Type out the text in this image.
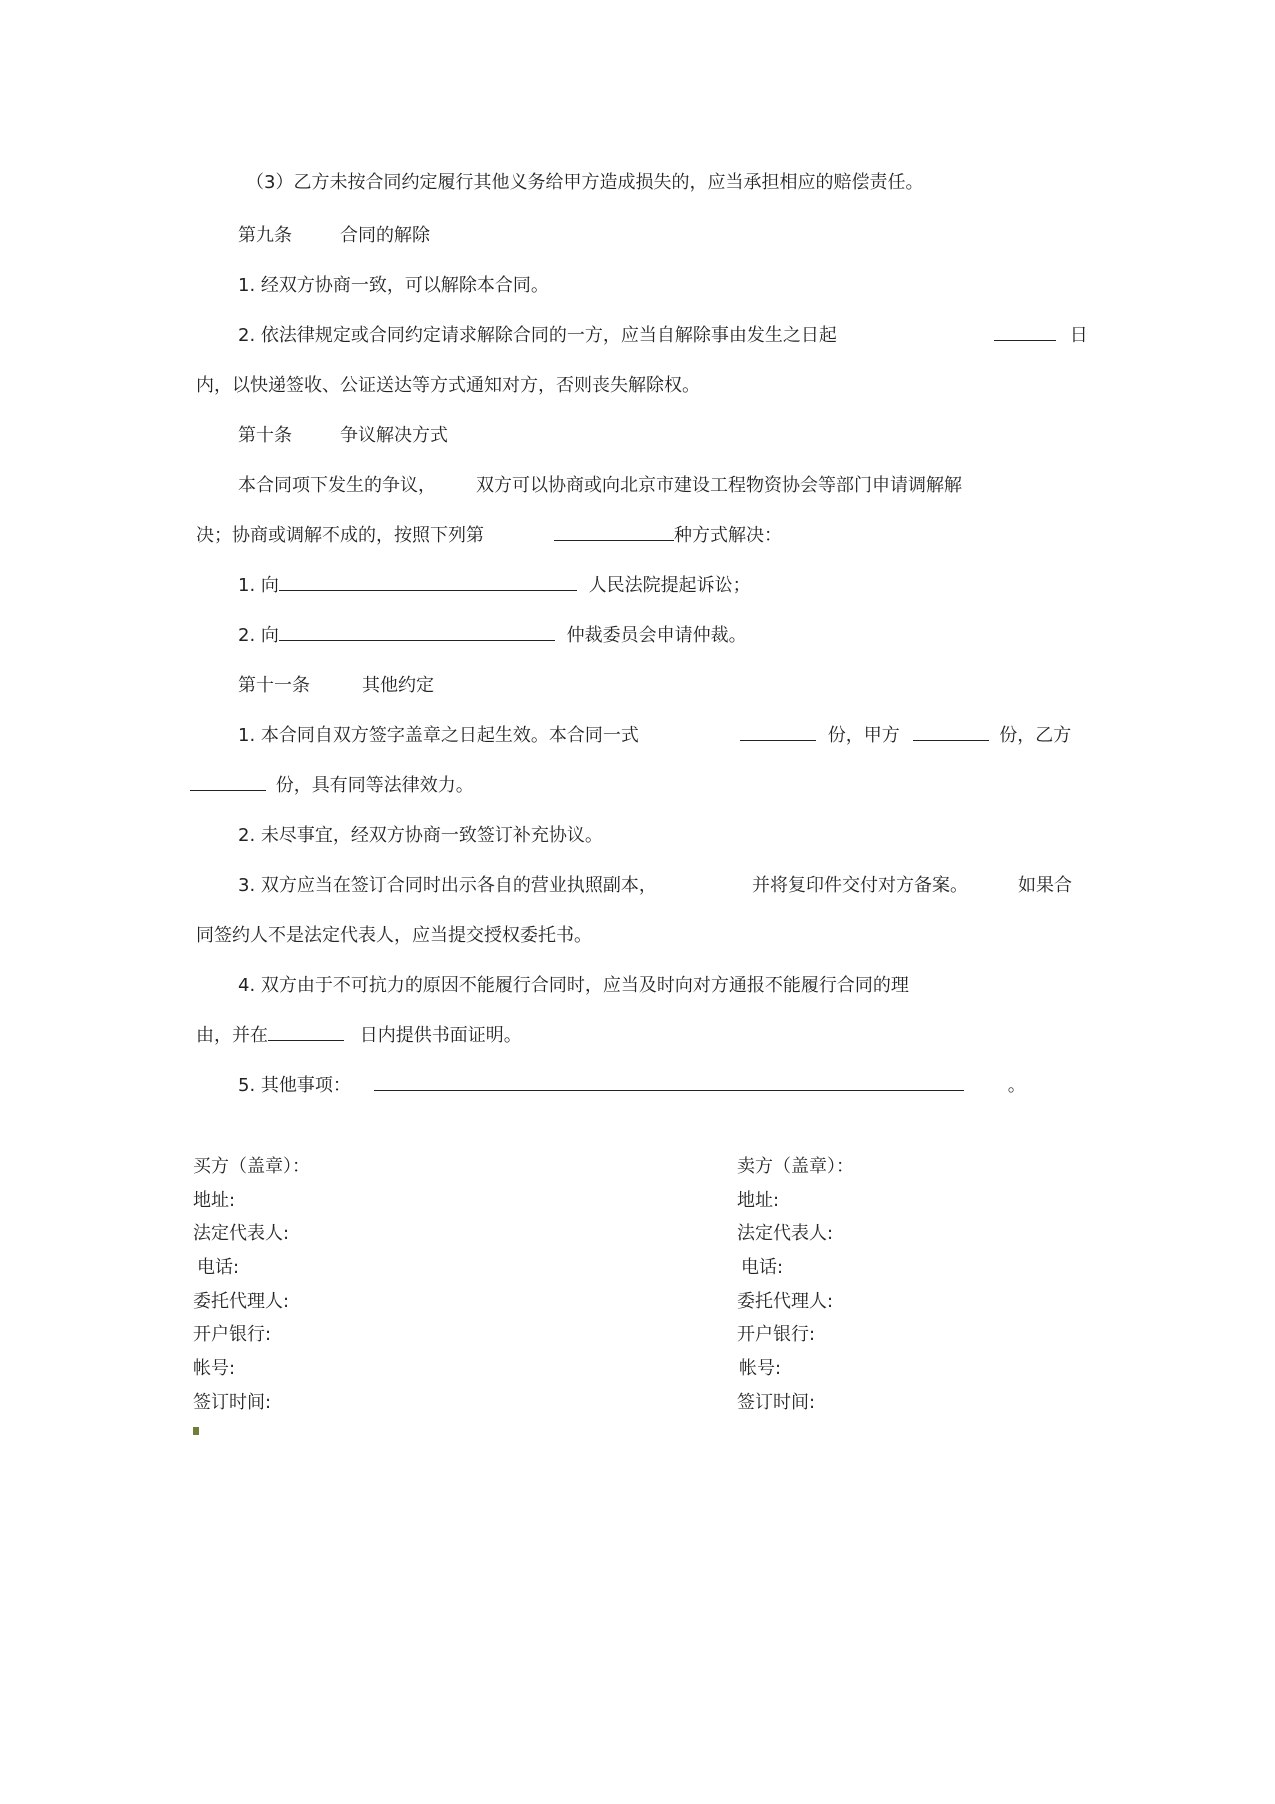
（3）乙方未按合同约定履行其他义务给甲方造成损失的，应当承担相应的赔偿责任。
第九条	合同的解除
1. 经双方协商一致，可以解除本合同。
2. 依法律规定或合同约定请求解除合同的一方，应当自解除事由发生之日起	日
内，以快递签收、公证送达等方式通知对方，否则丧失解除权。
第十条	争议解决方式
本合同项下发生的争议， 双方可以协商或向北京市建设工程物资协会等部门申请调解解
决；协商或调解不成的，按照下列第	种方式解决：
1. 向	人民法院提起诉讼；
2. 向	仲裁委员会申请仲裁。
第十一条	其他约定
1. 本合同自双方签字盖章之日起生效。本合同一式	份，甲方	份，乙方
份，具有同等法律效力。
2. 未尽事宜，经双方协商一致签订补充协议。
3. 双方应当在签订合同时出示各自的营业执照副本，	并将复印件交付对方备案。	如果合
同签约人不是法定代表人，应当提交授权委托书。
4. 双方由于不可抗力的原因不能履行合同时，应当及时向对方通报不能履行合同的理
由，并在	日内提供书面证明。
5. 其他事项：	。
买方（盖章）：
地址:
法定代表人:
电话:
委托代理人:
开户银行:
帐号:
签订时间:
卖方（盖章）：
地址:
法定代表人:
电话:
委托代理人:
开户银行:
帐号:
签订时间:
